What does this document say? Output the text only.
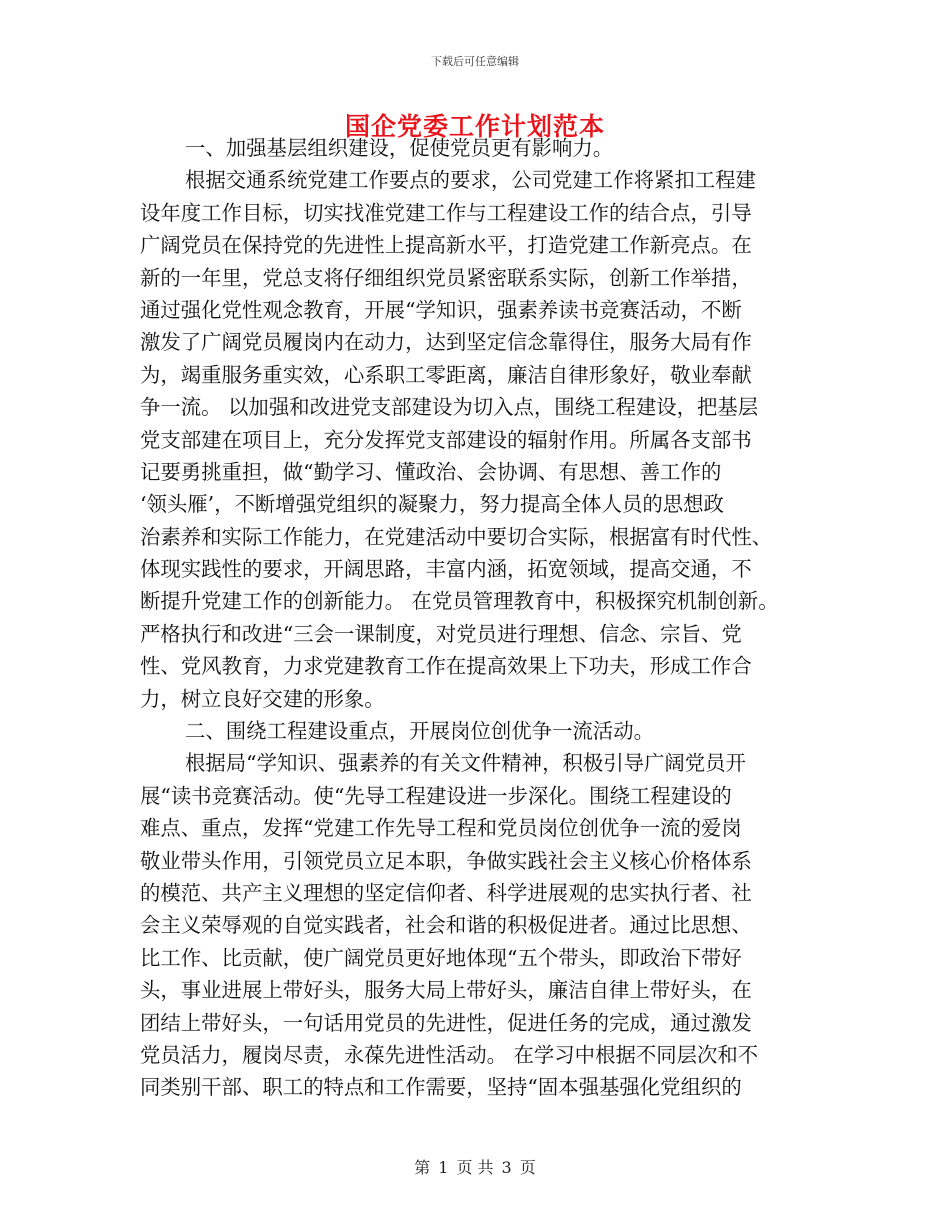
下载后可任意编辑
国企党委工作计划范本
一、加强基层组织建设，促使党员更有影响力。
根据交通系统党建工作要点的要求，公司党建工作将紧扣工程建
设年度工作目标，切实找准党建工作与工程建设工作的结合点，引导
广阔党员在保持党的先进性上提高新水平，打造党建工作新亮点。在
新的一年里，党总支将仔细组织党员紧密联系实际，创新工作举措，
通过强化党性观念教育，开展“学知识，强素养读书竞赛活动，不断
激发了广阔党员履岗内在动力，达到坚定信念靠得住，服务大局有作
为，竭重服务重实效，心系职工零距离，廉洁自律形象好，敬业奉献
争一流。 以加强和改进党支部建设为切入点，围绕工程建设，把基层
党支部建在项目上，充分发挥党支部建设的辐射作用。所属各支部书
记要勇挑重担，做“勤学习、懂政治、会协调、有思想、善工作的
‘领头雁’，不断增强党组织的凝聚力，努力提高全体人员的思想政
治素养和实际工作能力，在党建活动中要切合实际，根据富有时代性、
体现实践性的要求，开阔思路，丰富内涵，拓宽领域，提高交通，不
断提升党建工作的创新能力。 在党员管理教育中，积极探究机制创新。
严格执行和改进“三会一课制度，对党员进行理想、信念、宗旨、党
性、党风教育，力求党建教育工作在提高效果上下功夫，形成工作合
力，树立良好交建的形象。
二、围绕工程建设重点，开展岗位创优争一流活动。
根据局“学知识、强素养的有关文件精神，积极引导广阔党员开
展“读书竞赛活动。使“先导工程建设进一步深化。围绕工程建设的
难点、重点，发挥“党建工作先导工程和党员岗位创优争一流的爱岗
敬业带头作用，引领党员立足本职，争做实践社会主义核心价格体系
的模范、共产主义理想的坚定信仰者、科学进展观的忠实执行者、社
会主义荣辱观的自觉实践者，社会和谐的积极促进者。通过比思想、
比工作、比贡献，使广阔党员更好地体现“五个带头，即政治下带好
头，事业进展上带好头，服务大局上带好头，廉洁自律上带好头，在
团结上带好头，一句话用党员的先进性，促进任务的完成，通过激发
党员活力，履岗尽责，永葆先进性活动。 在学习中根据不同层次和不
同类别干部、职工的特点和工作需要，坚持“固本强基强化党组织的
第 1 页 共 3 页
